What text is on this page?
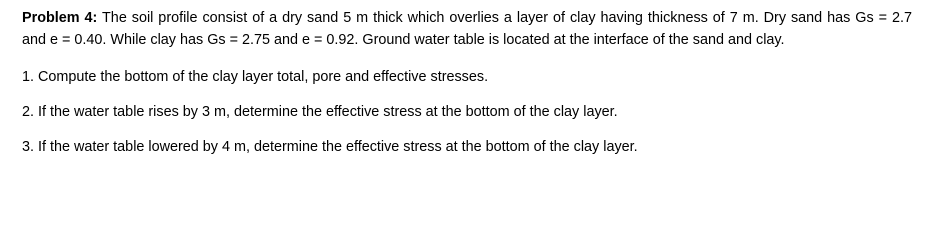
Problem 4: The soil profile consist of a dry sand 5 m thick which overlies a layer of clay having thickness of 7 m. Dry sand has Gs = 2.7 and e = 0.40. While clay has Gs = 2.75 and e = 0.92. Ground water table is located at the interface of the sand and clay.

1. Compute the bottom of the clay layer total, pore and effective stresses.

2. If the water table rises by 3 m, determine the effective stress at the bottom of the clay layer.

3. If the water table lowered by 4 m, determine the effective stress at the bottom of the clay layer.
